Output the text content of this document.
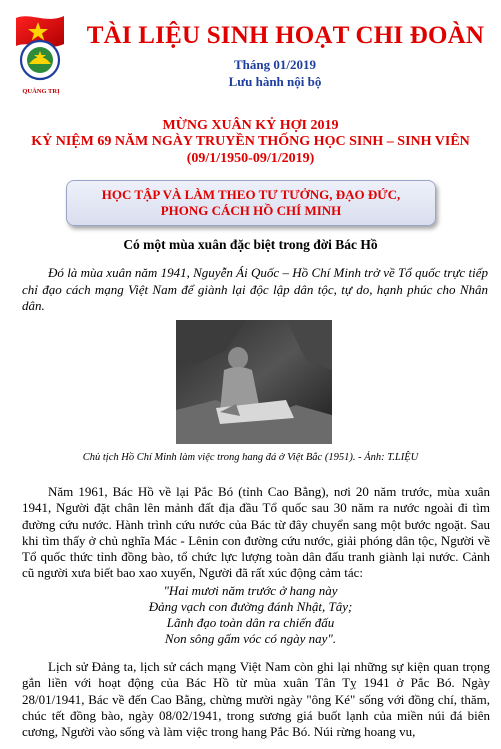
QUẢNG TRỊ
TÀI LIỆU SINH HOẠT CHI ĐOÀN
Tháng 01/2019
Lưu hành nội bộ
MỪNG XUÂN KỶ HỢI 2019
KỶ NIỆM 69 NĂM NGÀY TRUYỀN THỐNG HỌC SINH – SINH VIÊN
(09/1/1950-09/1/2019)
HỌC TẬP VÀ LÀM THEO TƯ TƯỞNG, ĐẠO ĐỨC,
PHONG CÁCH HỒ CHÍ MINH
Có một mùa xuân đặc biệt trong đời Bác Hồ

Đó là mùa xuân năm 1941, Nguyễn Ái Quốc – Hồ Chí Minh trở về Tổ quốc trực tiếp chỉ đạo cách mạng Việt Nam để giành lại độc lập dân tộc, tự do, hạnh phúc cho Nhân dân.

Chủ tịch Hồ Chí Minh làm việc trong hang đá ở Việt Bắc (1951). - Ảnh: T.LIỆU

Năm 1961, Bác Hồ về lại Pắc Bó (tỉnh Cao Bằng), nơi 20 năm trước, mùa xuân 1941, Người đặt chân lên mảnh đất địa đầu Tổ quốc sau 30 năm ra nước ngoài đi tìm đường cứu nước. Hành trình cứu nước của Bác từ đây chuyển sang một bước ngoặt. Sau khi tìm thấy ở chủ nghĩa Mác - Lênin con đường cứu nước, giải phóng dân tộc, Người về Tổ quốc thức tỉnh đồng bào, tổ chức lực lượng toàn dân đấu tranh giành lại nước. Cảnh cũ người xưa biết bao xao xuyến, Người đã rất xúc động cảm tác:

"Hai mươi năm trước ở hang này
Đảng vạch con đường đánh Nhật, Tây;
Lãnh đạo toàn dân ra chiến đấu
Non sông gấm vóc có ngày nay".

Lịch sử Đảng ta, lịch sử cách mạng Việt Nam còn ghi lại những sự kiện quan trọng gắn liền với hoạt động của Bác Hồ từ mùa xuân Tân Tỵ 1941 ở Pắc Bó. Ngày 28/01/1941, Bác về đến Cao Bằng, chừng mười ngày "ông Ké" sống với đồng chí, thăm, chúc tết đồng bào, ngày 08/02/1941, trong sương giá buốt lạnh của miền núi đá biên cương, Người vào sống và làm việc trong hang Pắc Bó. Núi rừng hoang vu,
